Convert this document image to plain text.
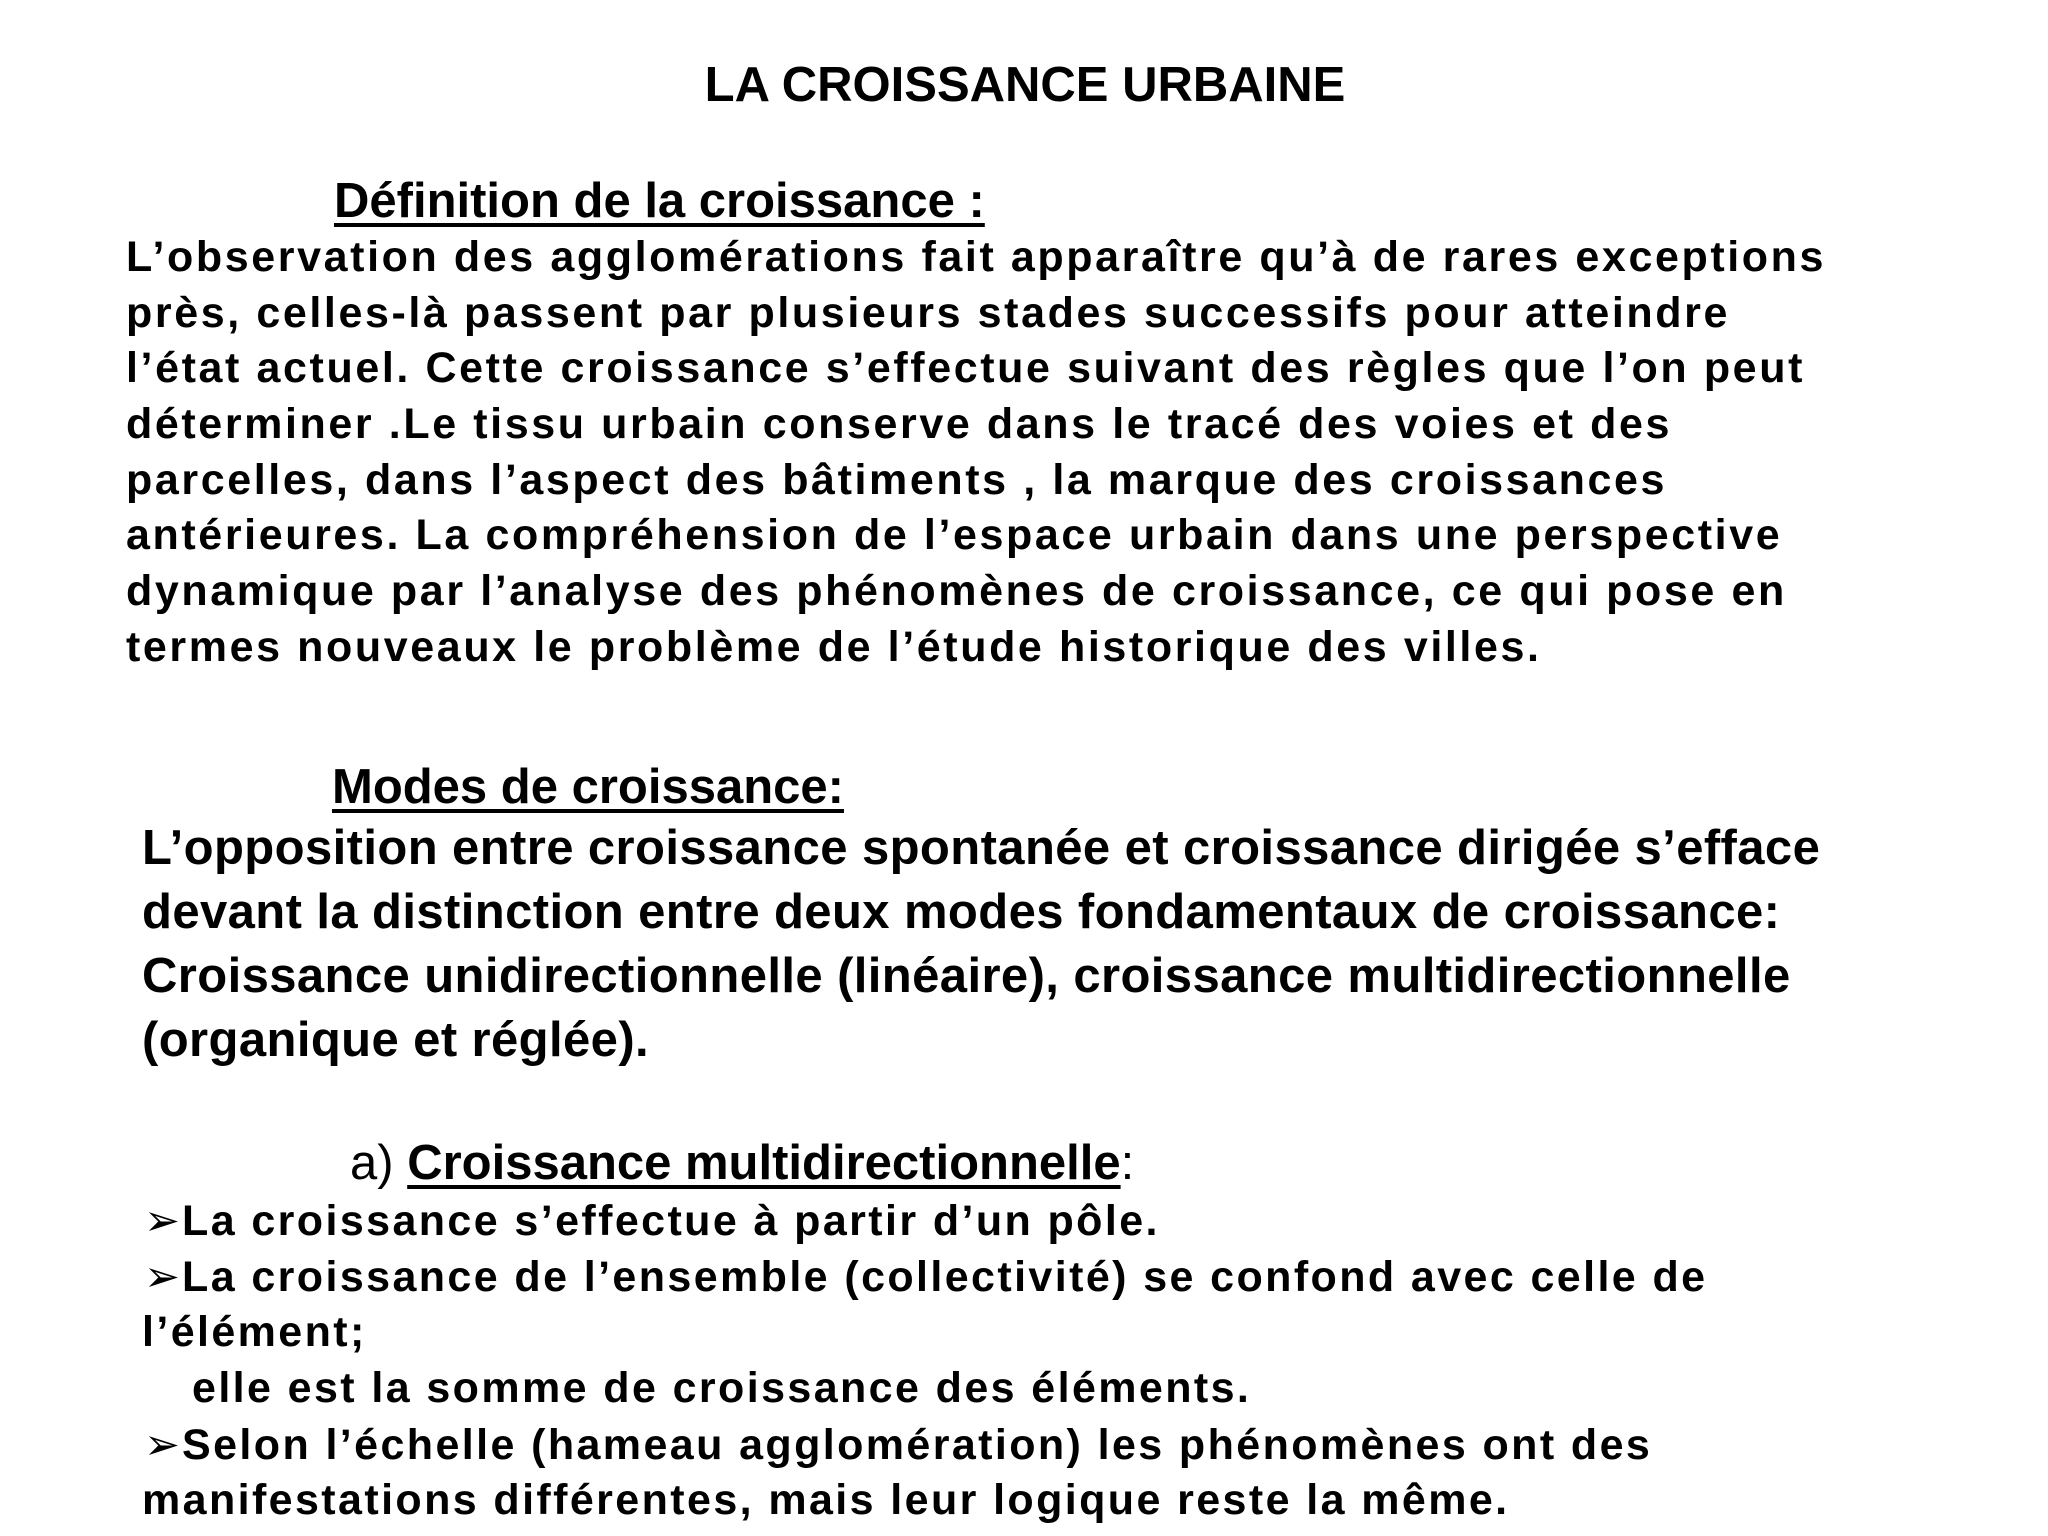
LA CROISSANCE URBAINE
Définition de la croissance :
L’observation des agglomérations fait apparaître qu’à de rares exceptions
près, celles-là passent par plusieurs stades successifs pour atteindre
l’état actuel. Cette croissance s’effectue suivant des règles que l’on peut
déterminer .Le tissu urbain conserve dans le tracé des voies et des
parcelles, dans l’aspect des bâtiments , la marque des croissances
antérieures. La compréhension de l’espace urbain dans une perspective
dynamique par l’analyse des phénomènes de croissance, ce qui pose en
termes nouveaux le problème de l’étude historique des villes.
Modes de croissance:
L’opposition entre croissance spontanée et croissance dirigée s’efface
devant la distinction entre deux modes fondamentaux de croissance:
Croissance unidirectionnelle (linéaire), croissance multidirectionnelle
(organique et réglée).
a) Croissance multidirectionnelle:
➢La croissance s’effectue à partir d’un pôle.
➢La croissance de l’ensemble (collectivité) se confond avec celle de
l’élément;
elle est la somme de croissance des éléments.
➢Selon l’échelle (hameau agglomération) les phénomènes ont des
manifestations différentes, mais leur logique reste la même.
